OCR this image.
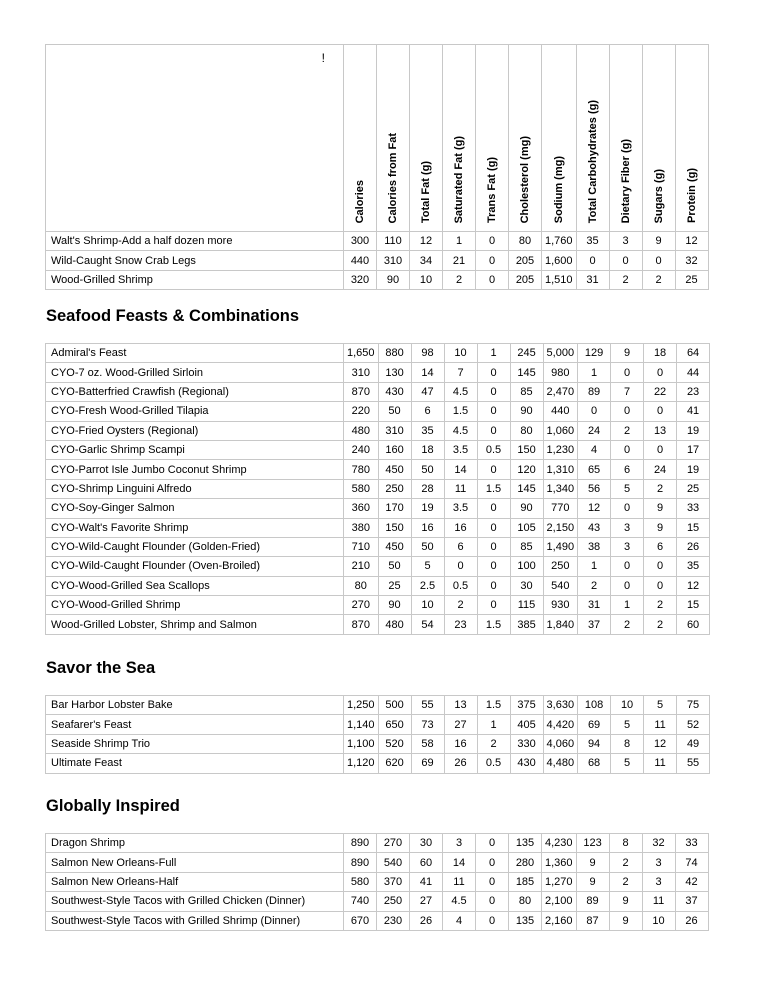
!	Calories	Calories from Fat	Total Fat (g)	Saturated Fat (g)	Trans Fat (g)	Cholesterol (mg)	Sodium (mg)	Total Carbohydrates (g)	Dietary Fiber (g)	Sugars (g)	Protein (g)
Walt's Shrimp-Add a half dozen more	300	110	12	1	0	80	1,760	35	3	9	12
Wild-Caught Snow Crab Legs	440	310	34	21	0	205	1,600	0	0	0	32
Wood-Grilled Shrimp	320	90	10	2	0	205	1,510	31	2	2	25
Seafood Feasts & Combinations
Admiral's Feast	1,650	880	98	10	1	245	5,000	129	9	18	64
CYO-7 oz. Wood-Grilled Sirloin	310	130	14	7	0	145	980	1	0	0	44
CYO-Batterfried Crawfish (Regional)	870	430	47	4.5	0	85	2,470	89	7	22	23
CYO-Fresh Wood-Grilled Tilapia	220	50	6	1.5	0	90	440	0	0	0	41
CYO-Fried Oysters (Regional)	480	310	35	4.5	0	80	1,060	24	2	13	19
CYO-Garlic Shrimp Scampi	240	160	18	3.5	0.5	150	1,230	4	0	0	17
CYO-Parrot Isle Jumbo Coconut Shrimp	780	450	50	14	0	120	1,310	65	6	24	19
CYO-Shrimp Linguini Alfredo	580	250	28	11	1.5	145	1,340	56	5	2	25
CYO-Soy-Ginger Salmon	360	170	19	3.5	0	90	770	12	0	9	33
CYO-Walt's Favorite Shrimp	380	150	16	16	0	105	2,150	43	3	9	15
CYO-Wild-Caught Flounder (Golden-Fried)	710	450	50	6	0	85	1,490	38	3	6	26
CYO-Wild-Caught Flounder (Oven-Broiled)	210	50	5	0	0	100	250	1	0	0	35
CYO-Wood-Grilled Sea Scallops	80	25	2.5	0.5	0	30	540	2	0	0	12
CYO-Wood-Grilled Shrimp	270	90	10	2	0	115	930	31	1	2	15
Wood-Grilled Lobster, Shrimp and Salmon	870	480	54	23	1.5	385	1,840	37	2	2	60
Savor the Sea
Bar Harbor Lobster Bake	1,250	500	55	13	1.5	375	3,630	108	10	5	75
Seafarer's Feast	1,140	650	73	27	1	405	4,420	69	5	11	52
Seaside Shrimp Trio	1,100	520	58	16	2	330	4,060	94	8	12	49
Ultimate Feast	1,120	620	69	26	0.5	430	4,480	68	5	11	55
Globally Inspired
Dragon Shrimp	890	270	30	3	0	135	4,230	123	8	32	33
Salmon New Orleans-Full	890	540	60	14	0	280	1,360	9	2	3	74
Salmon New Orleans-Half	580	370	41	11	0	185	1,270	9	2	3	42
Southwest-Style Tacos with Grilled Chicken (Dinner)	740	250	27	4.5	0	80	2,100	89	9	11	37
Southwest-Style Tacos with Grilled Shrimp (Dinner)	670	230	26	4	0	135	2,160	87	9	10	26
